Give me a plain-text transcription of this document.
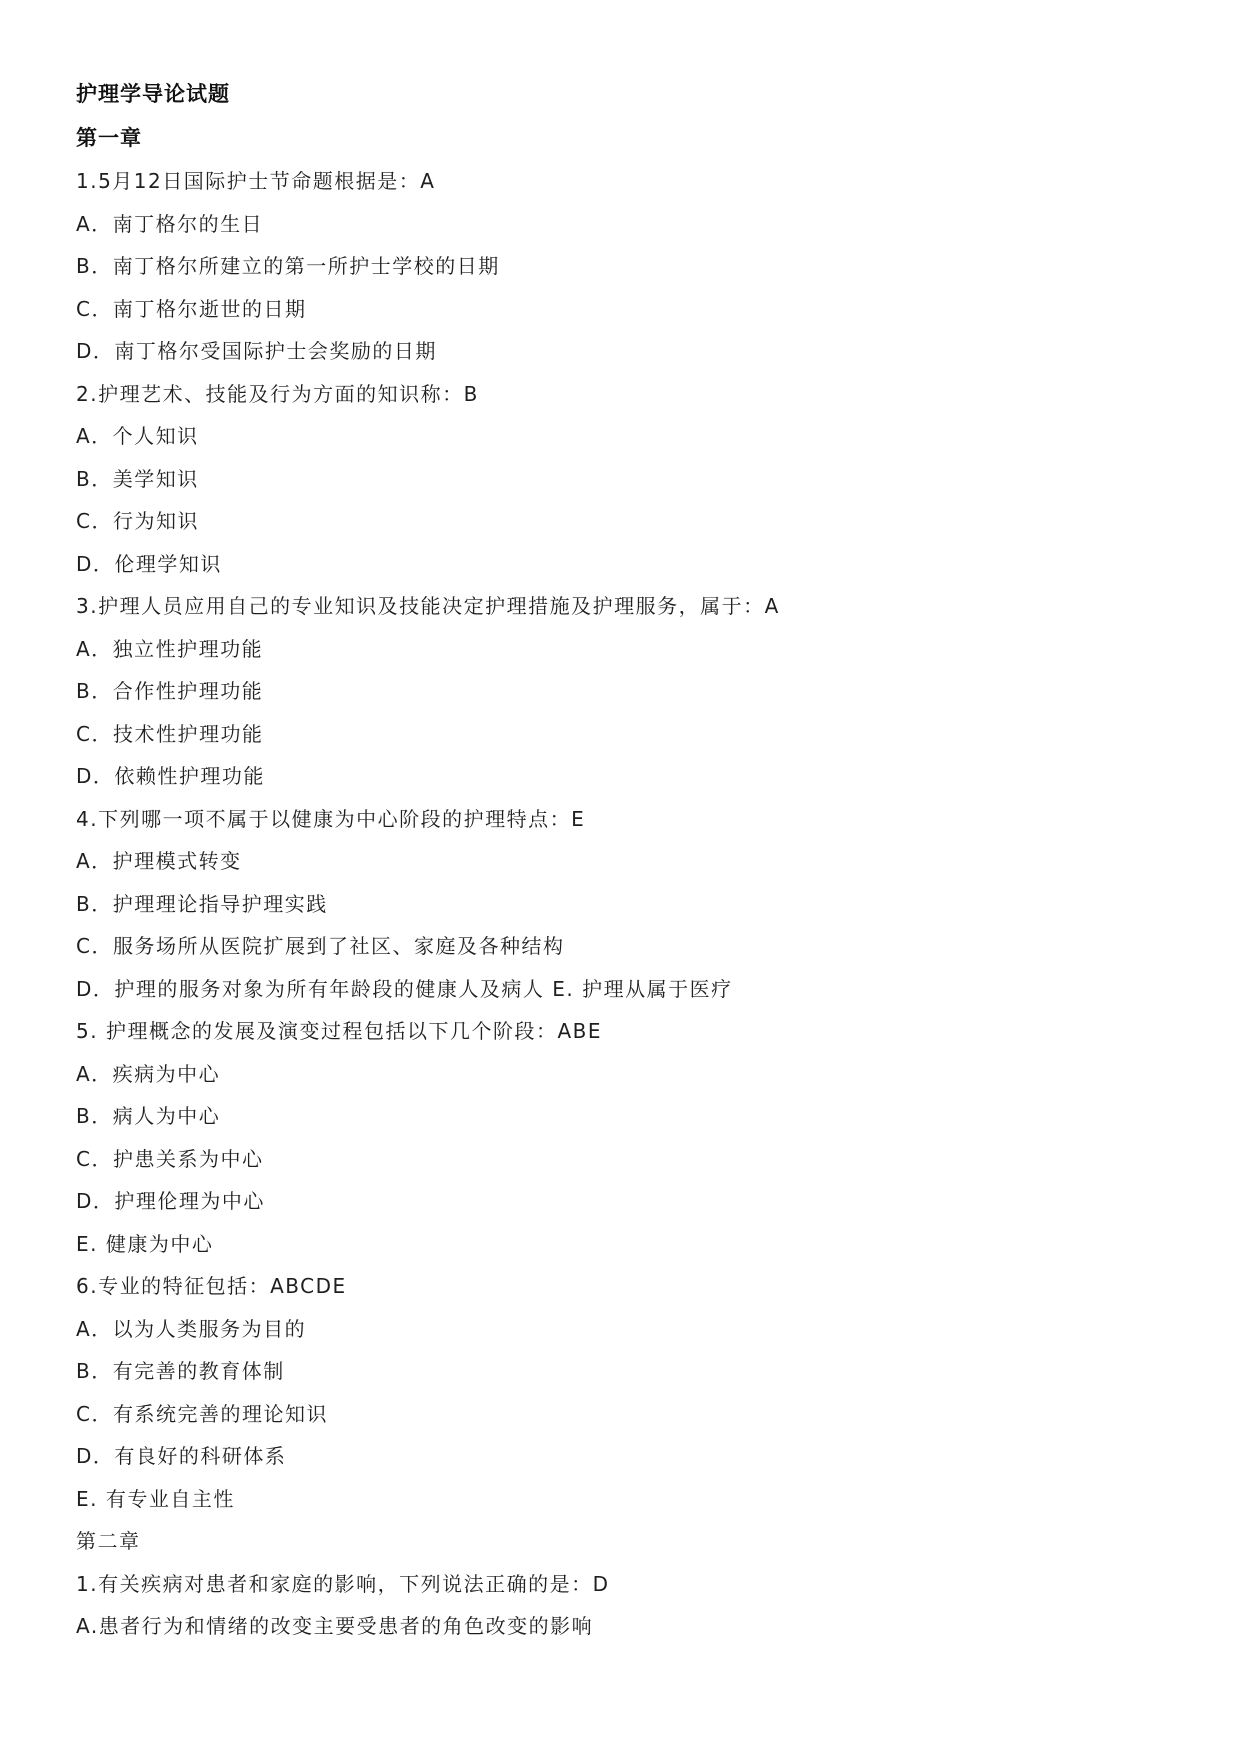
护理学导论试题
第一章
1.5月12日国际护士节命题根据是：A
A．南丁格尔的生日
B．南丁格尔所建立的第一所护士学校的日期
C．南丁格尔逝世的日期
D．南丁格尔受国际护士会奖励的日期
2.护理艺术、技能及行为方面的知识称：B
A．个人知识
B．美学知识
C．行为知识
D．伦理学知识
3.护理人员应用自己的专业知识及技能决定护理措施及护理服务，属于：A
A．独立性护理功能
B．合作性护理功能
C．技术性护理功能
D．依赖性护理功能
4.下列哪一项不属于以健康为中心阶段的护理特点：E
A．护理模式转变
B．护理理论指导护理实践
C．服务场所从医院扩展到了社区、家庭及各种结构
D．护理的服务对象为所有年龄段的健康人及病人 E. 护理从属于医疗
5. 护理概念的发展及演变过程包括以下几个阶段：ABE
A．疾病为中心
B．病人为中心
C．护患关系为中心
D．护理伦理为中心
E. 健康为中心
6.专业的特征包括：ABCDE
A．以为人类服务为目的
B．有完善的教育体制
C．有系统完善的理论知识
D．有良好的科研体系
E. 有专业自主性
第二章
1.有关疾病对患者和家庭的影响，下列说法正确的是：D
A.患者行为和情绪的改变主要受患者的角色改变的影响
